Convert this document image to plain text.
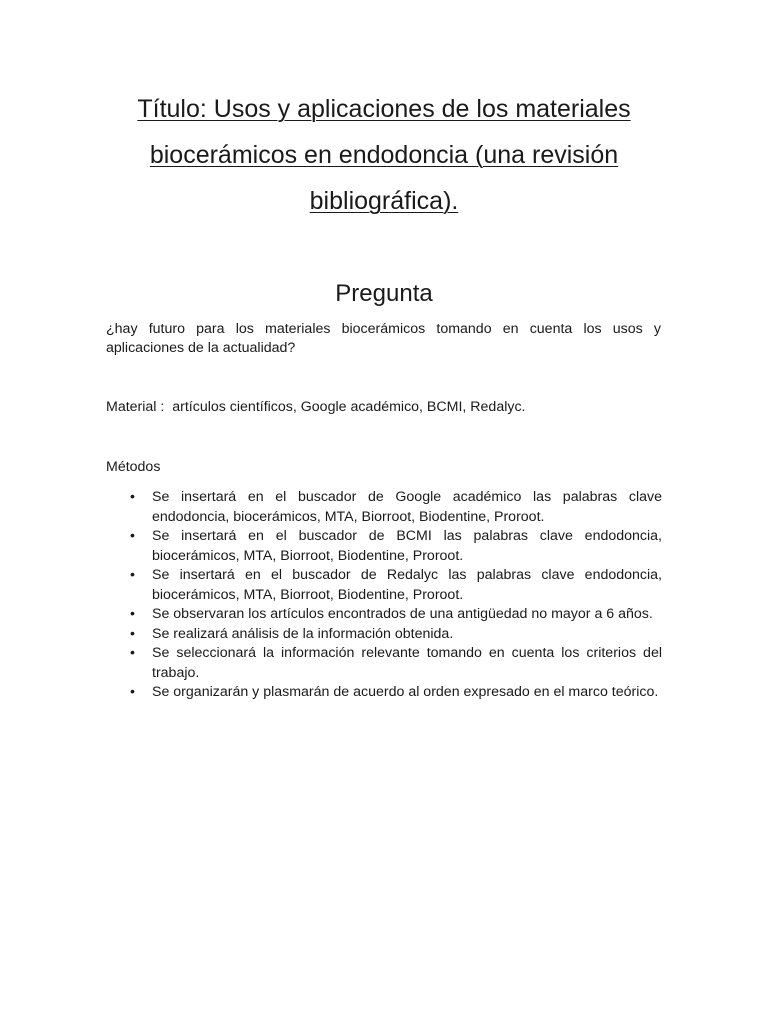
Título: Usos y aplicaciones de los materiales
biocerámicos en endodoncia (una revisión
bibliográfica).
Pregunta

¿hay futuro para los materiales biocerámicos tomando en cuenta los usos y aplicaciones de la actualidad?

Material :  artículos científicos, Google académico, BCMI, Redalyc.

Métodos

•	Se insertará en el buscador de Google académico las palabras clave endodoncia, biocerámicos, MTA, Biorroot, Biodentine, Proroot.
•	Se insertará en el buscador de BCMI las palabras clave endodoncia, biocerámicos, MTA, Biorroot, Biodentine, Proroot.
•	Se insertará en el buscador de Redalyc las palabras clave endodoncia, biocerámicos, MTA, Biorroot, Biodentine, Proroot.
•	Se observaran los artículos encontrados de una antigüedad no mayor a 6 años.
•	Se realizará análisis de la información obtenida.
•	Se seleccionará la información relevante tomando en cuenta los criterios del trabajo.
•	Se organizarán y plasmarán de acuerdo al orden expresado en el marco teórico.
